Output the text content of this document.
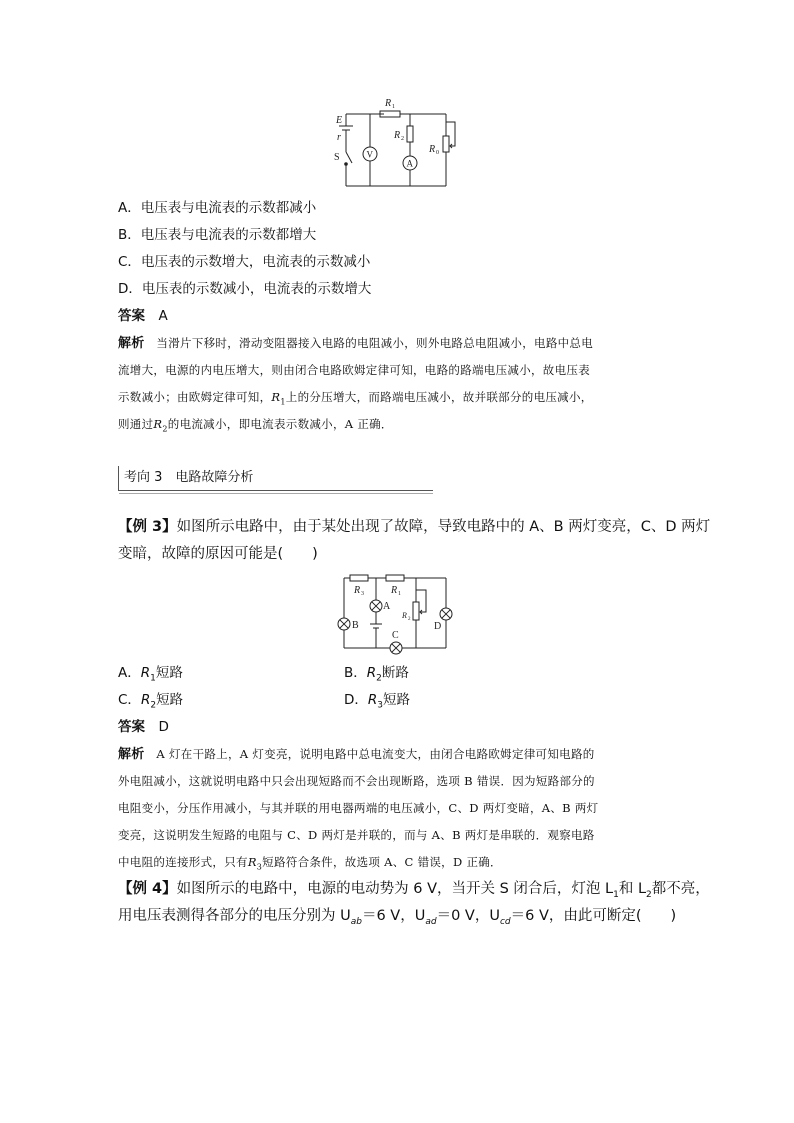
E
r
S
R 1
R 2
R 0
V
A
A．电压表与电流表的示数都减小
B．电压表与电流表的示数都增大
C．电压表的示数增大，电流表的示数减小
D．电压表的示数减小，电流表的示数增大
答案　 A
解析　 当滑片下移时，滑动变阻器接入电路的电阻减小，则外电路总电阻减小，电路中总电
流增大，电源的内电压增大，则由闭合电路欧姆定律可知，电路的路端电压减小，故电压表
示数减小；由欧姆定律可知，$R_1$上的分压增大，而路端电压减小，故并联部分的电压减小，
则通过$R_2$的电流减小，即电流表示数减小，A 正确．
考向 3　电路故障分析
【例 3】如图所示电路中，由于某处出现了故障，导致电路中的 A、B 两灯变亮，C、D 两灯
变暗，故障的原因可能是(　　)
R 3	R 1
R 2
A
B
C
D
A．$R_1$短路	B．$R_2$断路
C．$R_2$短路	D．$R_3$短路
答案　 D
解析　 A 灯在干路上，A 灯变亮，说明电路中总电流变大，由闭合电路欧姆定律可知电路的
外电阻减小，这就说明电路中只会出现短路而不会出现断路，选项 B 错误．因为短路部分的
电阻变小，分压作用减小，与其并联的用电器两端的电压减小，C、D 两灯变暗，A、B 两灯
变亮，这说明发生短路的电阻与 C、D 两灯是并联的，而与 A、B 两灯是串联的．观察电路
中电阻的连接形式，只有$R_3$短路符合条件，故选项 A、C 错误，D 正确．
【例 4】如图所示的电路中，电源的电动势为 6 V，当开关 S 闭合后，灯泡 $L_1$和 $L_2$都不亮，
用电压表测得各部分的电压分别为 $U_{ab}=6$ V，$U_{ad}=0$ V，$U_{cd}=6$ V，由此可断定(　　)
